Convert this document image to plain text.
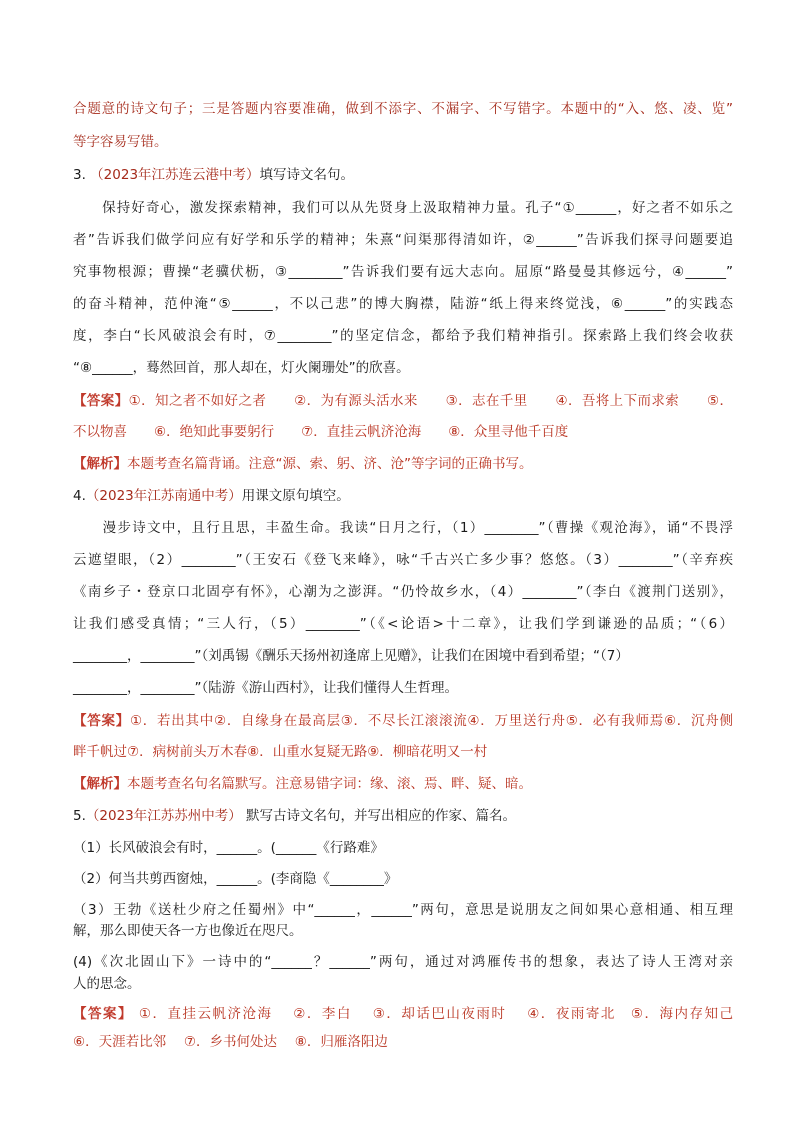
合题意的诗文句子；三是答题内容要准确，做到不添字、不漏字、不写错字。本题中的“入、悠、凌、览”
等字容易写错。
3. （2023年江苏连云港中考）填写诗文名句。
　　保持好奇心，激发探索精神，我们可以从先贤身上汲取精神力量。孔子“①______，好之者不如乐之
者”告诉我们做学问应有好学和乐学的精神；朱熹“问渠那得清如许，②______”告诉我们探寻问题要追
究事物根源；曹操“老骥伏枥，③________”告诉我们要有远大志向。屈原“路曼曼其修远兮，④______”
的奋斗精神，范仲淹“⑤______，不以己悲”的博大胸襟，陆游“纸上得来终觉浅，⑥______”的实践态
度，李白“长风破浪会有时，⑦________”的坚定信念，都给予我们精神指引。探索路上我们终会收获
“⑧______，蓦然回首，那人却在，灯火阑珊处”的欣喜。
【答案】①．知之者不如好之者　　②．为有源头活水来　　③．志在千里　　④．吾将上下而求索　　⑤．
不以物喜　　⑥．绝知此事要躬行　　⑦．直挂云帆济沧海　　⑧．众里寻他千百度
【解析】本题考查名篇背诵。注意“源、索、躬、济、沧”等字词的正确书写。
4.（2023年江苏南通中考）用课文原句填空。
　　漫步诗文中，且行且思，丰盈生命。我读“日月之行，（1）________”（曹操《观沧海》，诵“不畏浮
云遮望眼，（2）________”（王安石《登飞来峰》，咏“千古兴亡多少事？悠悠。（3）________”（辛弃疾
《南乡子・登京口北固亭有怀》，心潮为之澎湃。“仍怜故乡水，（4）________”（李白《渡荆门送别》，
让我们感受真情；“三人行，（5）________”（《<论语>十二章》，让我们学到谦逊的品质；“（6）
________，________”（刘禹锡《酬乐天扬州初逢席上见赠》，让我们在困境中看到希望；“（7）
________，________”（陆游《游山西村》，让我们懂得人生哲理。
【答案】①．若出其中②．自缘身在最高层③．不尽长江滚滚流④．万里送行舟⑤．必有我师焉⑥．沉舟侧
畔千帆过⑦．病树前头万木春⑧．山重水复疑无路⑨．柳暗花明又一村
【解析】本题考查名句名篇默写。注意易错字词：缘、滚、焉、畔、疑、暗。
5.（2023年江苏苏州中考） 默写古诗文名句，并写出相应的作家、篇名。
（1）长风破浪会有时，______。(______《行路难》
（2）何当共剪西窗烛，______。(李商隐《________》
（3）王勃《送杜少府之任蜀州》中“______，______”两句，意思是说朋友之间如果心意相通、相互理
解，那么即使天各一方也像近在咫尺。
(4)《次北固山下》一诗中的“______？______”两句，通过对鸿雁传书的想象，表达了诗人王湾对亲
人的思念。
【答案】 ①．直挂云帆济沧海　 ②．李白　 ③．却话巴山夜雨时　 ④．夜雨寄北　⑤．海内存知己
⑥．天涯若比邻　 ⑦．乡书何处达　 ⑧．归雁洛阳边
